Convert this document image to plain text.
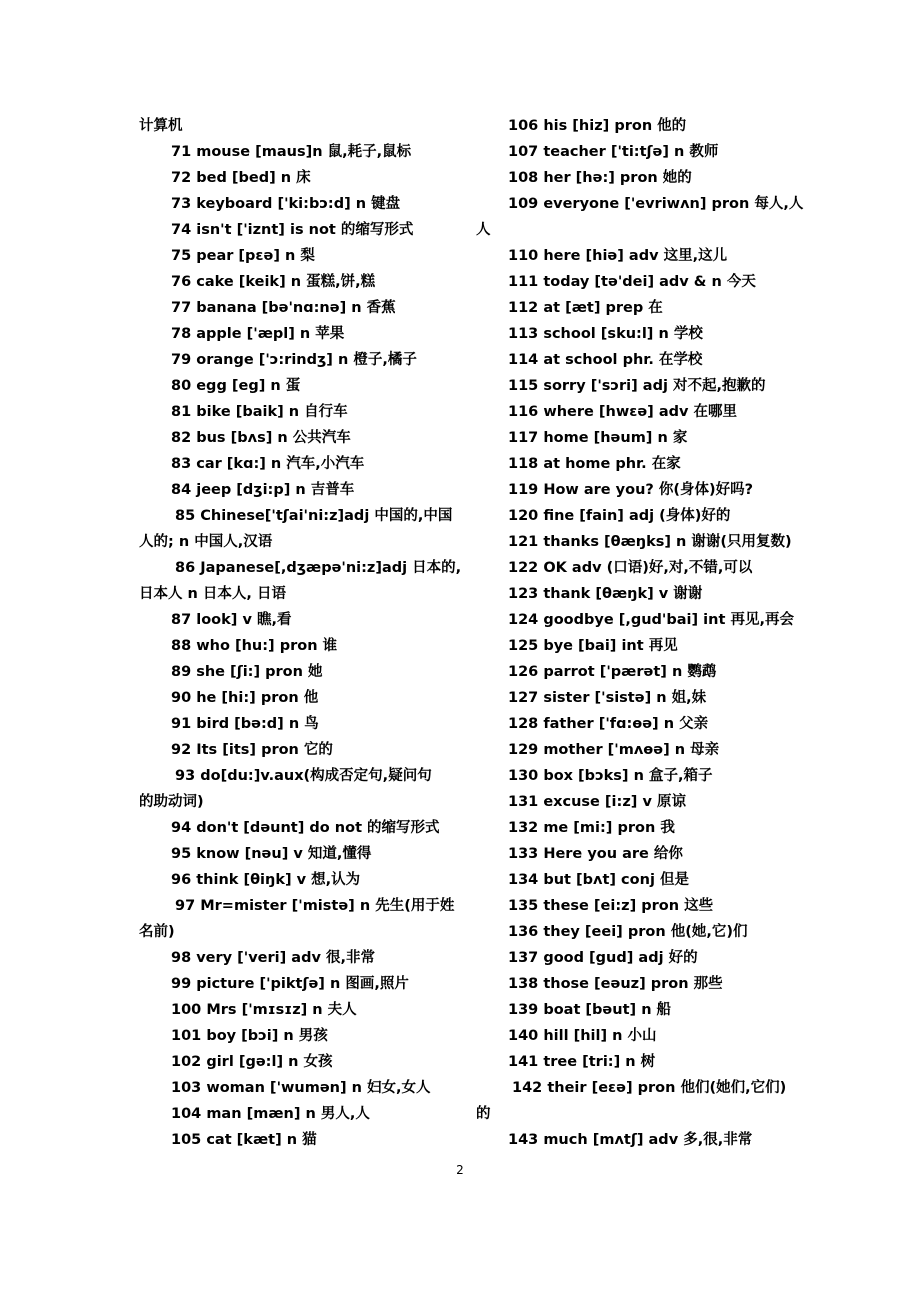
计算机
71 mouse [maus]n 鼠,耗子,鼠标
72 bed [bed] n 床
73 keyboard ['ki:bɔ:d] n 键盘
74 isn't ['iznt] is not 的缩写形式
75 pear [pɛə] n 梨
76 cake [keik] n 蛋糕,饼,糕
77 banana [bə'nɑ:nə] n 香蕉
78 apple ['æpl] n 苹果
79 orange ['ɔ:rindʒ] n 橙子,橘子
80 egg [eg] n 蛋
81 bike [baik] n 自行车
82 bus [bʌs] n 公共汽车
83 car [kɑ:] n 汽车,小汽车
84 jeep [dʒi:p] n 吉普车
85 Chinese['tʃai'ni:z]adj 中国的,中国
人的; n 中国人,汉语
86 Japanese[,dʒæpə'ni:z]adj 日本的,
日本人 n 日本人, 日语
87 look] v 瞧,看
88 who [hu:] pron 谁
89 she [ʃi:] pron 她
90 he [hi:] pron 他
91 bird [bə:d] n 鸟
92 Its [its] pron 它的
93 do[du:]v.aux(构成否定句,疑问句
的助动词)
94 don't [dəunt] do not 的缩写形式
95 know [nəu] v 知道,懂得
96 think [θiŋk] v 想,认为
97 Mr=mister ['mistə] n 先生(用于姓
名前)
98 very ['veri] adv 很,非常
99 picture ['piktʃə] n 图画,照片
100 Mrs ['mɪsɪz] n 夫人
101 boy [bɔi] n 男孩
102 girl [gə:l] n 女孩
103 woman ['wumən] n 妇女,女人
104 man [mæn] n 男人,人
105 cat [kæt] n 猫
106 his [hiz] pron 他的
107 teacher ['ti:tʃə] n 教师
108 her [hə:] pron 她的
109 everyone ['evriwʌn] pron 每人,人
人
110 here [hiə] adv 这里,这儿
111 today [tə'dei] adv & n 今天
112 at [æt] prep 在
113 school [sku:l] n 学校
114 at school phr. 在学校
115 sorry ['sɔri] adj 对不起,抱歉的
116 where [hwɛə] adv 在哪里
117 home [həum] n 家
118 at home phr. 在家
119 How are you? 你(身体)好吗?
120 fine [fain] adj (身体)好的
121 thanks [θæŋks] n 谢谢(只用复数)
122 OK adv (口语)好,对,不错,可以
123 thank [θæŋk] v 谢谢
124 goodbye [,gud'bai] int 再见,再会
125 bye [bai] int 再见
126 parrot ['pærət] n 鹦鹉
127 sister ['sistə] n 姐,妹
128 father ['fɑ:ɵə] n 父亲
129 mother ['mʌɵə] n 母亲
130 box [bɔks] n 盒子,箱子
131 excuse [i:z] v 原谅
132 me [mi:] pron 我
133 Here you are 给你
134 but [bʌt] conj 但是
135 these [ei:z] pron 这些
136 they [eei] pron 他(她,它)们
137 good [gud] adj 好的
138 those [eəuz] pron 那些
139 boat [bəut] n 船
140 hill [hil] n 小山
141 tree [tri:] n 树
142 their [eɛə] pron 他们(她们,它们)
的
143 much [mʌtʃ] adv 多,很,非常
2
